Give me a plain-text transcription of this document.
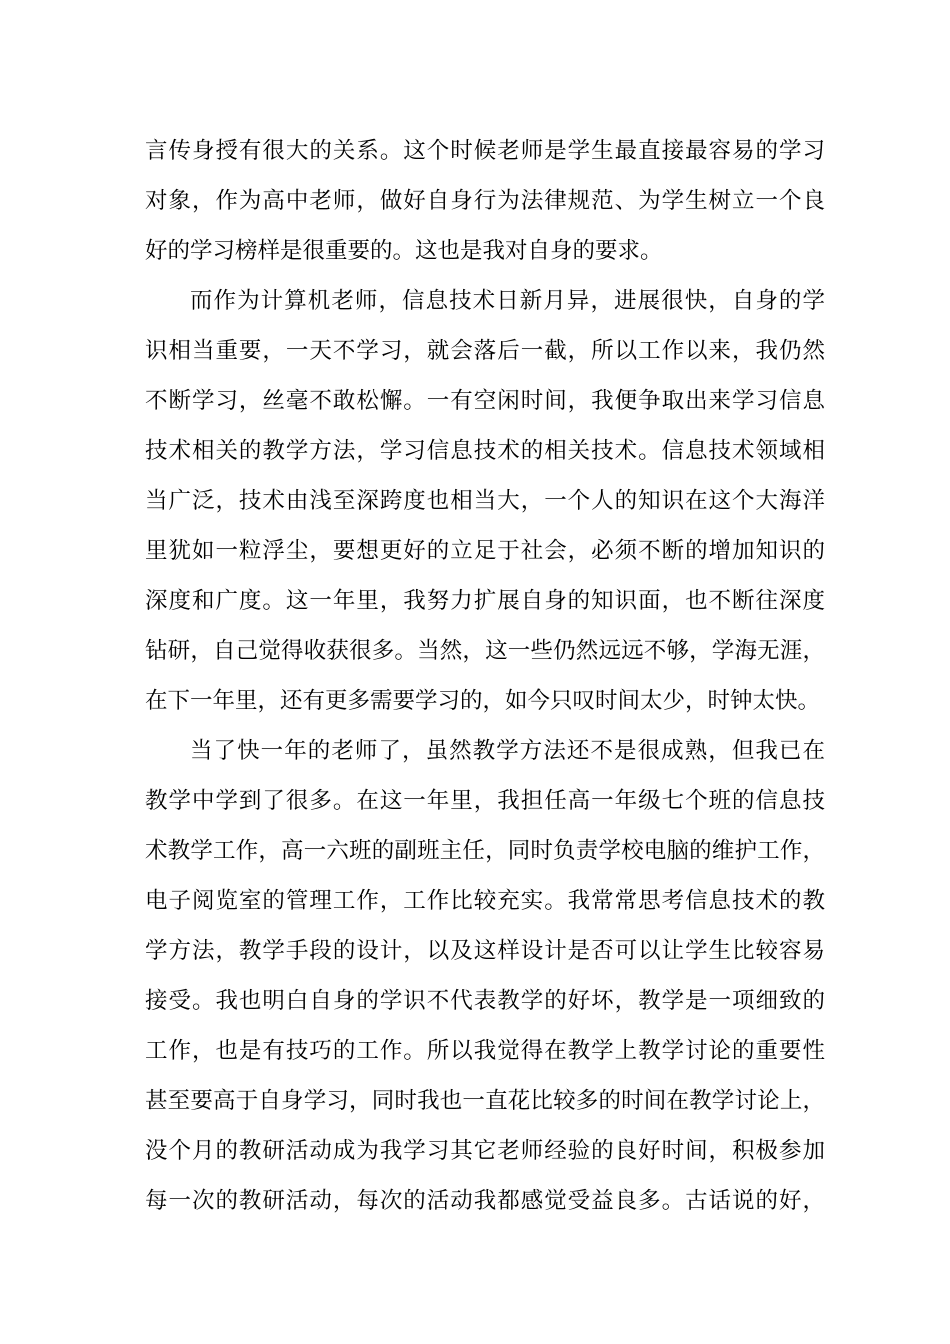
言传身授有很大的关系。这个时候老师是学生最直接最容易的学习
对象，作为高中老师，做好自身行为法律规范、为学生树立一个良
好的学习榜样是很重要的。这也是我对自身的要求。
而作为计算机老师，信息技术日新月异，进展很快，自身的学
识相当重要，一天不学习，就会落后一截，所以工作以来，我仍然
不断学习，丝毫不敢松懈。一有空闲时间，我便争取出来学习信息
技术相关的教学方法，学习信息技术的相关技术。信息技术领域相
当广泛，技术由浅至深跨度也相当大，一个人的知识在这个大海洋
里犹如一粒浮尘，要想更好的立足于社会，必须不断的增加知识的
深度和广度。这一年里，我努力扩展自身的知识面，也不断往深度
钻研，自己觉得收获很多。当然，这一些仍然远远不够，学海无涯，
在下一年里，还有更多需要学习的，如今只叹时间太少，时钟太快。
当了快一年的老师了，虽然教学方法还不是很成熟，但我已在
教学中学到了很多。在这一年里，我担任高一年级七个班的信息技
术教学工作，高一六班的副班主任，同时负责学校电脑的维护工作，
电子阅览室的管理工作，工作比较充实。我常常思考信息技术的教
学方法，教学手段的设计，以及这样设计是否可以让学生比较容易
接受。我也明白自身的学识不代表教学的好坏，教学是一项细致的
工作，也是有技巧的工作。所以我觉得在教学上教学讨论的重要性
甚至要高于自身学习，同时我也一直花比较多的时间在教学讨论上，
没个月的教研活动成为我学习其它老师经验的良好时间，积极参加
每一次的教研活动，每次的活动我都感觉受益良多。古话说的好，
